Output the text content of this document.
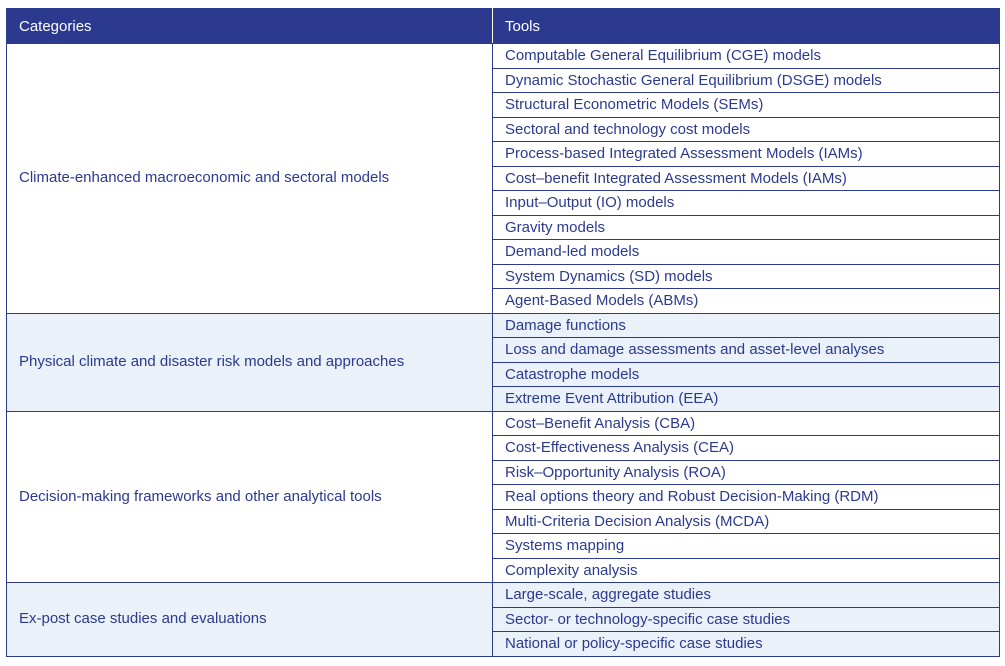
Categories	Tools
Climate-enhanced macroeconomic and sectoral models	Computable General Equilibrium (CGE) models
	Dynamic Stochastic General Equilibrium (DSGE) models
	Structural Econometric Models (SEMs)
	Sectoral and technology cost models
	Process-based Integrated Assessment Models (IAMs)
	Cost–benefit Integrated Assessment Models (IAMs)
	Input–Output (IO) models
	Gravity models
	Demand-led models
	System Dynamics (SD) models
	Agent-Based Models (ABMs)
Physical climate and disaster risk models and approaches	Damage functions
	Loss and damage assessments and asset-level analyses
	Catastrophe models
	Extreme Event Attribution (EEA)
Decision-making frameworks and other analytical tools	Cost–Benefit Analysis (CBA)
	Cost-Effectiveness Analysis (CEA)
	Risk–Opportunity Analysis (ROA)
	Real options theory and Robust Decision-Making (RDM)
	Multi-Criteria Decision Analysis (MCDA)
	Systems mapping
	Complexity analysis
Ex-post case studies and evaluations	Large-scale, aggregate studies
	Sector- or technology-specific case studies
	National or policy-specific case studies
